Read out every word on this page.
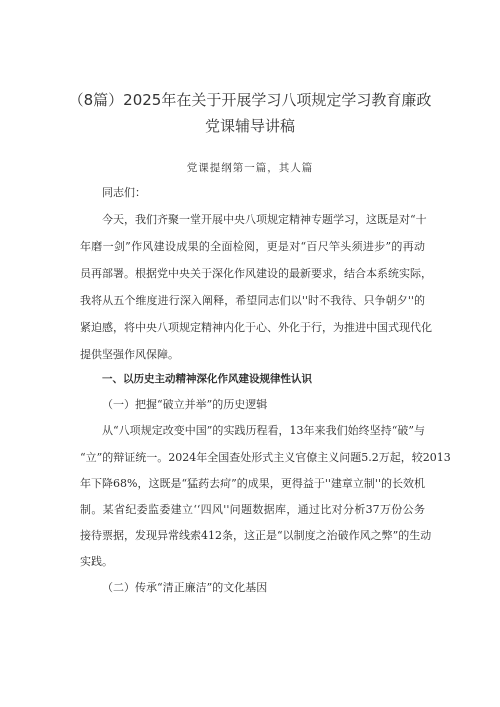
（8篇）2025年在关于开展学习八项规定学习教育廉政

党课辅导讲稿

党课提纲第一篇，其人篇

同志们：

今天，我们齐聚一堂开展中央八项规定精神专题学习，这既是对“十

年磨一剑”作风建设成果的全面检阅，更是对“百尺竿头须进步”的再动

员再部署。根据党中央关于深化作风建设的最新要求，结合本系统实际，

我将从五个维度进行深入阐释，希望同志们以''时不我待、只争朝夕''的

紧迫感，将中央八项规定精神内化于心、外化于行，为推进中国式现代化

提供坚强作风保障。

一、以历史主动精神深化作风建设规律性认识

（一）把握“破立并举”的历史逻辑

从“八项规定改变中国”的实践历程看，13年来我们始终坚持“破”与

“立”的辩证统一。2024年全国查处形式主义官僚主义问题5.2万起，较2013

年下降68%，这既是“猛药去疴”的成果，更得益于''建章立制''的长效机

制。某省纪委监委建立‘‘四风''问题数据库，通过比对分析37万份公务

接待票据，发现异常线索412条，这正是“以制度之治破作风之弊”的生动

实践。

（二）传承“清正廉洁”的文化基因
